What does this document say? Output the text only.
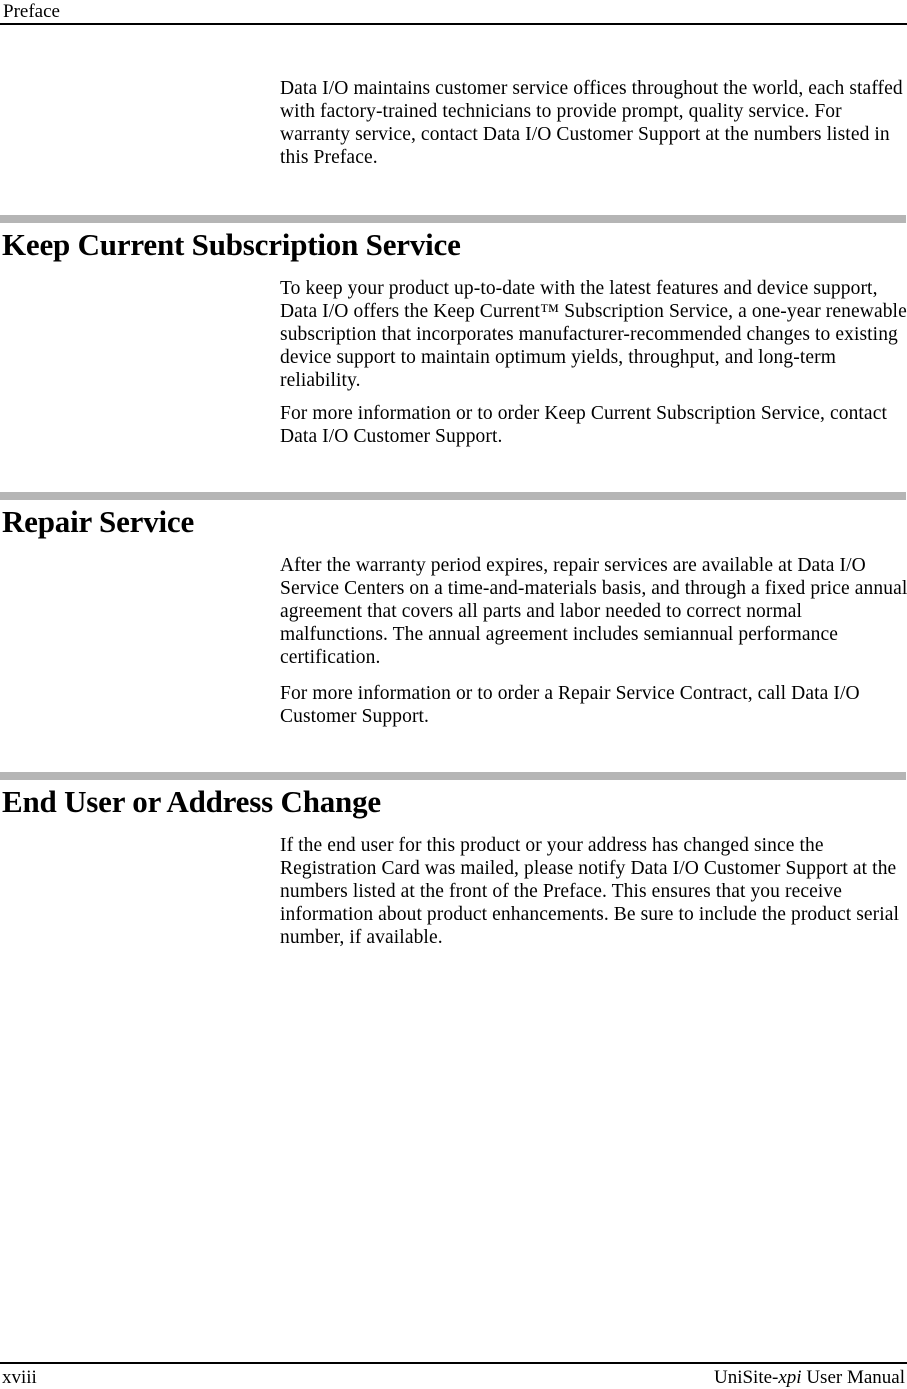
Preface
Data I/O maintains customer service offices throughout the world, each staffed with factory-trained technicians to provide prompt, quality service. For warranty service, contact Data I/O Customer Support at the numbers listed in this Preface.
Keep Current Subscription Service
To keep your product up-to-date with the latest features and device support, Data I/O offers the Keep Current™ Subscription Service, a one-year renewable subscription that incorporates manufacturer-recommended changes to existing device support to maintain optimum yields, throughput, and long-term reliability.
For more information or to order Keep Current Subscription Service, contact Data I/O Customer Support.
Repair Service
After the warranty period expires, repair services are available at Data I/O Service Centers on a time-and-materials basis, and through a fixed price annual agreement that covers all parts and labor needed to correct normal malfunctions. The annual agreement includes semiannual performance certification.
For more information or to order a Repair Service Contract, call Data I/O Customer Support.
End User or Address Change
If the end user for this product or your address has changed since the Registration Card was mailed, please notify Data I/O Customer Support at the numbers listed at the front of the Preface. This ensures that you receive information about product enhancements. Be sure to include the product serial number, if available.
xviii	UniSite-xpi User Manual
